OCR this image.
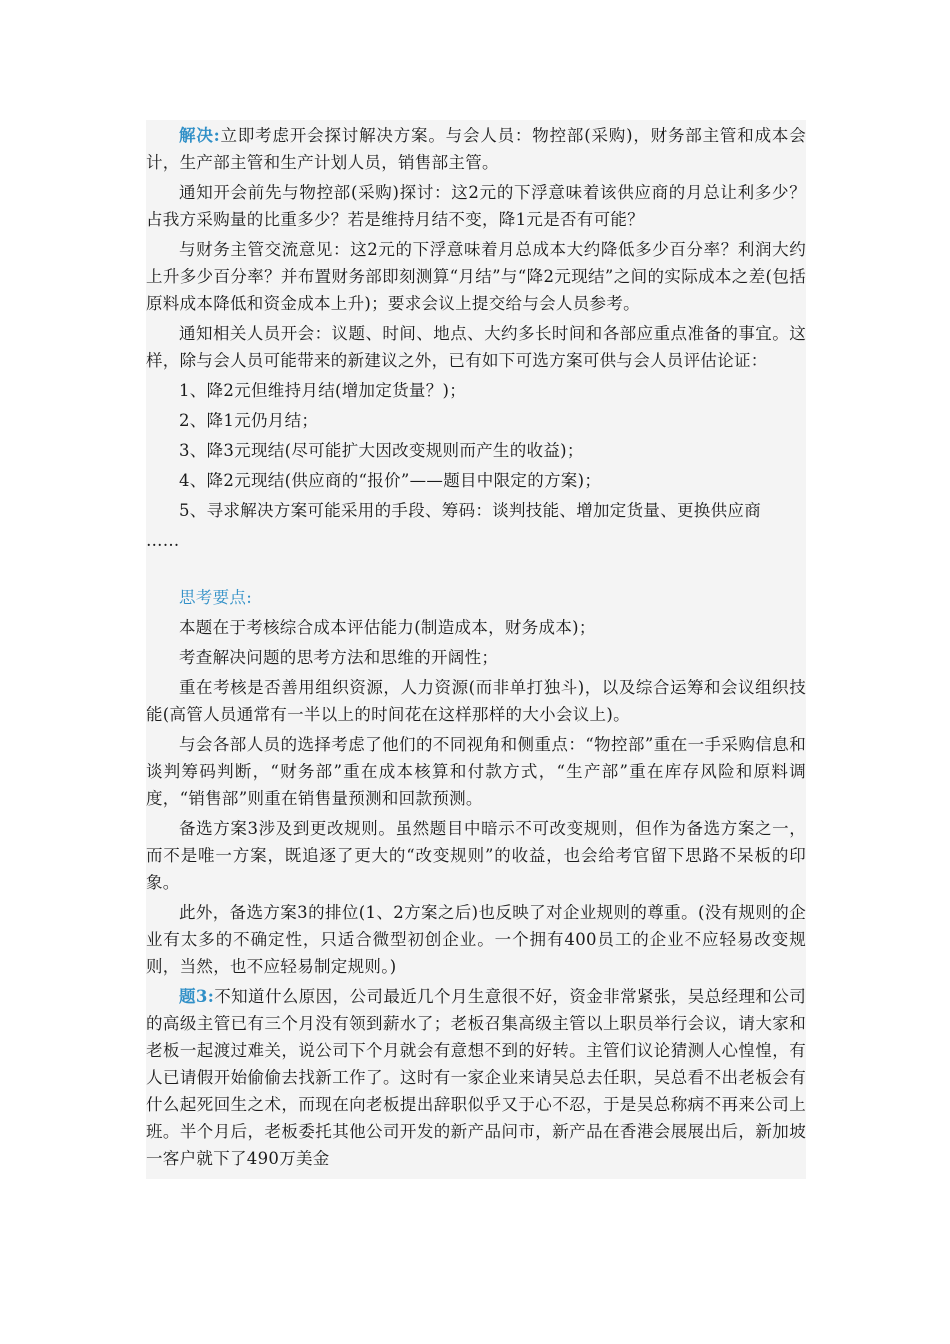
解决:立即考虑开会探讨解决方案。与会人员：物控部(采购)，财务部主管和成本会计，生产部主管和生产计划人员，销售部主管。

通知开会前先与物控部(采购)探讨：这2元的下浮意味着该供应商的月总让利多少？占我方采购量的比重多少？若是维持月结不变，降1元是否有可能？

与财务主管交流意见：这2元的下浮意味着月总成本大约降低多少百分率？利润大约上升多少百分率？并布置财务部即刻测算“月结”与“降2元现结”之间的实际成本之差(包括原料成本降低和资金成本上升)；要求会议上提交给与会人员参考。

通知相关人员开会：议题、时间、地点、大约多长时间和各部应重点准备的事宜。这样，除与会人员可能带来的新建议之外，已有如下可选方案可供与会人员评估论证：

1、降2元但维持月结(增加定货量？)；

2、降1元仍月结；

3、降3元现结(尽可能扩大因改变规则而产生的收益)；

4、降2元现结(供应商的“报价”——题目中限定的方案)；

5、寻求解决方案可能采用的手段、筹码：谈判技能、增加定货量、更换供应商

……

思考要点:

本题在于考核综合成本评估能力(制造成本，财务成本)；

考查解决问题的思考方法和思维的开阔性；

重在考核是否善用组织资源，人力资源(而非单打独斗)，以及综合运筹和会议组织技能(高管人员通常有一半以上的时间花在这样那样的大小会议上)。

与会各部人员的选择考虑了他们的不同视角和侧重点：“物控部”重在一手采购信息和谈判筹码判断，“财务部”重在成本核算和付款方式，“生产部”重在库存风险和原料调度，“销售部”则重在销售量预测和回款预测。

备选方案3涉及到更改规则。虽然题目中暗示不可改变规则，但作为备选方案之一，而不是唯一方案，既追逐了更大的“改变规则”的收益，也会给考官留下思路不呆板的印象。

此外，备选方案3的排位(1、2方案之后)也反映了对企业规则的尊重。(没有规则的企业有太多的不确定性，只适合微型初创企业。一个拥有400员工的企业不应轻易改变规则，当然，也不应轻易制定规则。)

题3:不知道什么原因，公司最近几个月生意很不好，资金非常紧张，吴总经理和公司的高级主管已有三个月没有领到薪水了；老板召集高级主管以上职员举行会议，请大家和老板一起渡过难关，说公司下个月就会有意想不到的好转。主管们议论猜测人心惶惶，有人已请假开始偷偷去找新工作了。这时有一家企业来请吴总去任职，吴总看不出老板会有什么起死回生之术，而现在向老板提出辞职似乎又于心不忍，于是吴总称病不再来公司上班。半个月后，老板委托其他公司开发的新产品问市，新产品在香港会展展出后，新加坡一客户就下了490万美金
